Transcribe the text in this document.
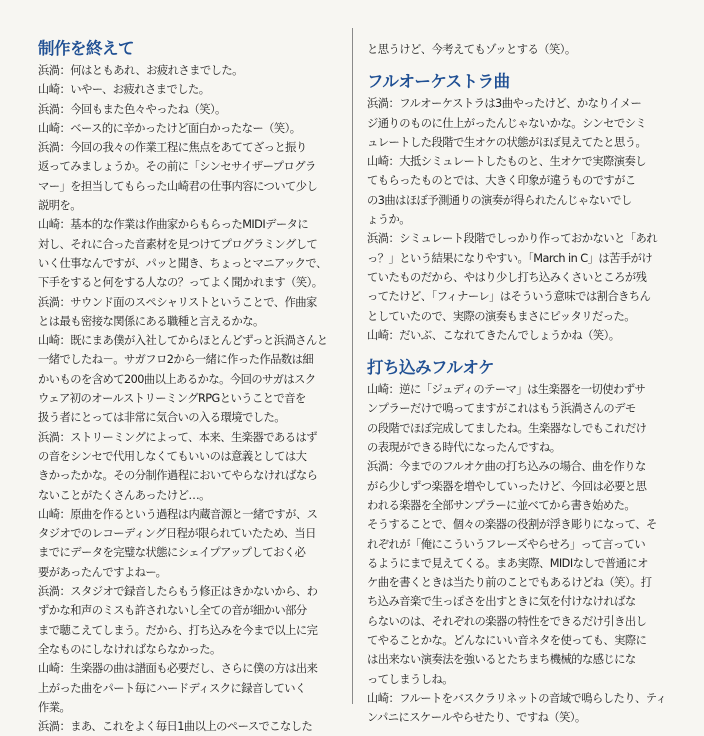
制作を終えて
浜渦：何はともあれ、お疲れさまでした。
山崎：いやー、お疲れさまでした。
浜渦：今回もまた色々やったね（笑）。
山崎：ベース的に辛かったけど面白かったなー（笑）。
浜渦：今回の我々の作業工程に焦点をあててざっと振り
返ってみましょうか。その前に「シンセサイザープログラ
マー」を担当してもらった山崎君の仕事内容について少し
説明を。
山崎：基本的な作業は作曲家からもらったMIDIデータに
対し、それに合った音素材を見つけてプログラミングして
いく仕事なんですが、パッと聞き、ちょっとマニアックで、
下手をすると何をする人なの？ってよく聞かれます（笑）。
浜渦：サウンド面のスペシャリストということで、作曲家
とは最も密接な関係にある職種と言えるかな。
山崎：既にまあ僕が入社してからほとんどずっと浜渦さんと
一緒でしたね－。サガフロ2から一緒に作った作品数は細
かいものを含めて200曲以上あるかな。今回のサガはスク
ウェア初のオールストリーミングRPGということで音を
扱う者にとっては非常に気合いの入る環境でした。
浜渦：ストリーミングによって、本来、生楽器であるはず
の音をシンセで代用しなくてもいいのは意義としては大
きかったかな。その分制作過程においてやらなければなら
ないことがたくさんあったけど…。
山崎：原曲を作るという過程は内蔵音源と一緒ですが、ス
タジオでのレコーディング日程が限られていたため、当日
までにデータを完璧な状態にシェイプアップしておく必
要があったんですよねー。
浜渦：スタジオで録音したらもう修正はきかないから、わ
ずかな和声のミスも許されないし全ての音が細かい部分
まで聴こえてしまう。だから、打ち込みを今まで以上に完
全なものにしなければならなかった。
山崎：生楽器の曲は譜面も必要だし、さらに僕の方は出来
上がった曲をパート毎にハードディスクに録音していく
作業。
浜渦：まあ、これをよく毎日1曲以上のペースでこなした
と思うけど、今考えてもゾッとする（笑）。
フルオーケストラ曲
浜渦：フルオーケストラは3曲やったけど、かなりイメー
ジ通りのものに仕上がったんじゃないかな。シンセでシミ
ュレートした段階で生オケの状態がほぼ見えてたと思う。
山崎：大抵シミュレートしたものと、生オケで実際演奏し
てもらったものとでは、大きく印象が違うものですがこ
の3曲はほぼ予測通りの演奏が得られたんじゃないでし
ょうか。
浜渦：シミュレート段階でしっかり作っておかないと「あれ
っ？」という結果になりやすい。「March in C」は苦手がけ
ていたものだから、やはり少し打ち込みくさいところが残
ってたけど、「フィナーレ」はそういう意味では割合きちん
としていたので、実際の演奏もまさにピッタリだった。
山崎：だいぶ、こなれてきたんでしょうかね（笑）。
打ち込みフルオケ
山崎：逆に「ジュディのテーマ」は生楽器を一切使わずサ
ンプラーだけで鳴ってますがこれはもう浜渦さんのデモ
の段階でほぼ完成してましたね。生楽器なしでもこれだけ
の表現ができる時代になったんですね。
浜渦：今までのフルオケ曲の打ち込みの場合、曲を作りな
がら少しずつ楽器を増やしていったけど、今回は必要と思
われる楽器を全部サンプラーに並べてから書き始めた。
そうすることで、個々の楽器の役割が浮き彫りになって、そ
れぞれが「俺にこういうフレーズやらせろ」って言ってい
るようにまで見えてくる。まあ実際、MIDIなしで普通にオ
ケ曲を書くときは当たり前のことでもあるけどね（笑）。打
ち込み音楽で生っぽさを出すときに気を付けなければな
らないのは、それぞれの楽器の特性をできるだけ引き出し
てやることかな。どんなにいい音ネタを使っても、実際に
は出来ない演奏法を強いるとたちまち機械的な感じにな
ってしまうしね。
山崎：フルートをバスクラリネットの音域で鳴らしたり、ティ
ンパニにスケールやらせたり、ですね（笑）。
